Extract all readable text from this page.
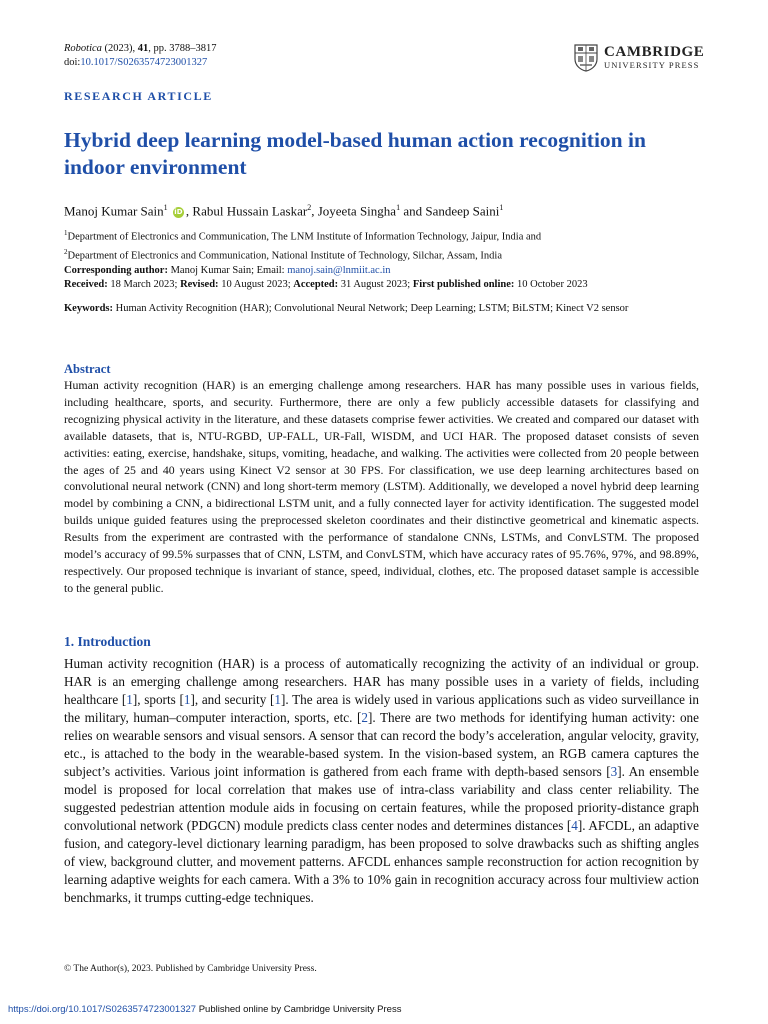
Robotica (2023), 41, pp. 3788–3817
doi:10.1017/S0263574723001327
CAMBRIDGE
UNIVERSITY PRESS
RESEARCH ARTICLE
Hybrid deep learning model-based human action recognition in indoor environment
Manoj Kumar Sain$^1$ iD , Rabul Hussain Laskar$^2$, Joyeeta Singha$^1$ and Sandeep Saini$^1$
$^1$Department of Electronics and Communication, The LNM Institute of Information Technology, Jaipur, India and
$^2$Department of Electronics and Communication, National Institute of Technology, Silchar, Assam, India
Corresponding author: Manoj Kumar Sain; Email: manoj.sain@lnmiit.ac.in
Received: 18 March 2023; Revised: 10 August 2023; Accepted: 31 August 2023; First published online: 10 October 2023
Keywords: Human Activity Recognition (HAR); Convolutional Neural Network; Deep Learning; LSTM; BiLSTM; Kinect V2 sensor
Abstract

Human activity recognition (HAR) is an emerging challenge among researchers. HAR has many possible uses in various fields, including healthcare, sports, and security. Furthermore, there are only a few publicly accessible datasets for classifying and recognizing physical activity in the literature, and these datasets comprise fewer activities. We created and compared our dataset with available datasets, that is, NTU-RGBD, UP-FALL, UR-Fall, WISDM, and UCI HAR. The proposed dataset consists of seven activities: eating, exercise, handshake, situps, vomiting, headache, and walking. The activities were collected from 20 people between the ages of 25 and 40 years using Kinect V2 sensor at 30 FPS. For classification, we use deep learning architectures based on convolutional neural network (CNN) and long short-term memory (LSTM). Additionally, we developed a novel hybrid deep learning model by combining a CNN, a bidirectional LSTM unit, and a fully connected layer for activity identification. The suggested model builds unique guided features using the preprocessed skeleton coordinates and their distinctive geometrical and kinematic aspects. Results from the experiment are contrasted with the performance of standalone CNNs, LSTMs, and ConvLSTM. The proposed model’s accuracy of 99.5% surpasses that of CNN, LSTM, and ConvLSTM, which have accuracy rates of 95.76%, 97%, and 98.89%, respectively. Our proposed technique is invariant of stance, speed, individual, clothes, etc. The proposed dataset sample is accessible to the general public.

1. Introduction

Human activity recognition (HAR) is a process of automatically recognizing the activity of an individual or group. HAR is an emerging challenge among researchers. HAR has many possible uses in a variety of fields, including healthcare [1], sports [1], and security [1]. The area is widely used in various applications such as video surveillance in the military, human–computer interaction, sports, etc. [2]. There are two methods for identifying human activity: one relies on wearable sensors and visual sensors. A sensor that can record the body’s acceleration, angular velocity, gravity, etc., is attached to the body in the wearable-based system. In the vision-based system, an RGB camera captures the subject’s activities. Various joint information is gathered from each frame with depth-based sensors [3]. An ensemble model is proposed for local correlation that makes use of intra-class variability and class center reliability. The suggested pedestrian attention module aids in focusing on certain features, while the proposed priority-distance graph convolutional network (PDGCN) module predicts class center nodes and determines distances [4]. AFCDL, an adaptive fusion, and category-level dictionary learning paradigm, has been proposed to solve drawbacks such as shifting angles of view, background clutter, and movement patterns. AFCDL enhances sample reconstruction for action recognition by learning adaptive weights for each camera. With a 3% to 10% gain in recognition accuracy across four multiview action benchmarks, it trumps cutting-edge techniques.

© The Author(s), 2023. Published by Cambridge University Press.
https://doi.org/10.1017/S0263574723001327 Published online by Cambridge University Press
